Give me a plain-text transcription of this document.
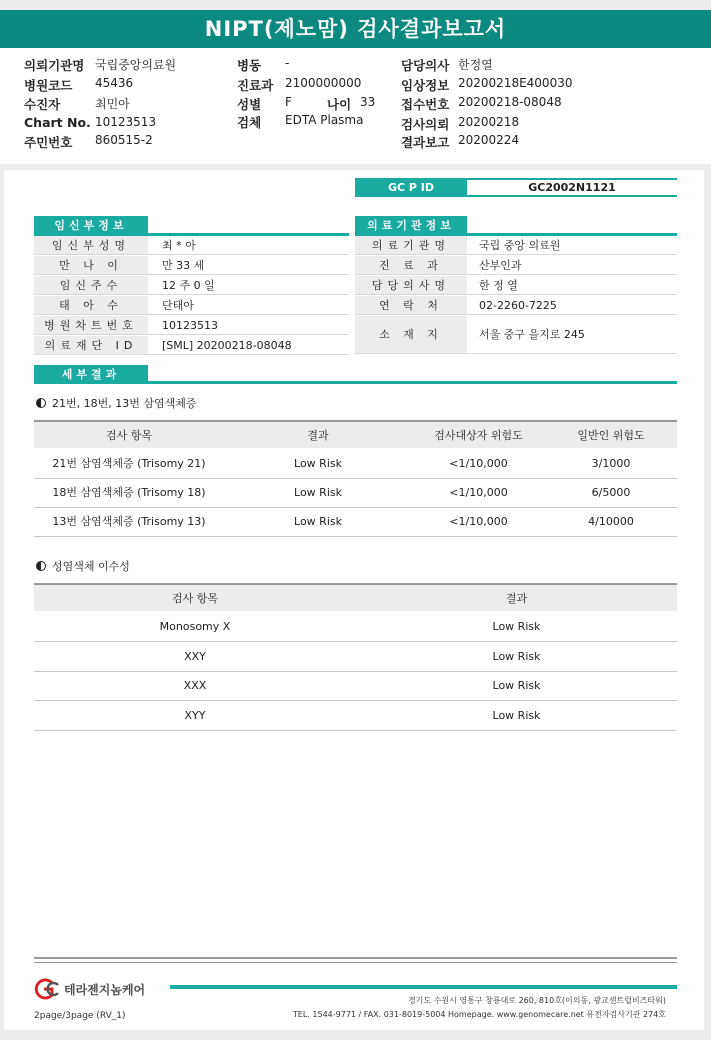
NIPT(제노맘) 검사결과보고서
의뢰기관명 국립중앙의료원
병원코드 45436
수진자	최민아
Chart No. 10123513
주민번호 860515-2
병동 -
진료과 2100000000
성별 F	나이 33
검체 EDTA Plasma
담당의사 한정열
임상정보 20200218E400030
접수번호 20200218-08048
검사의뢰 20200218
결과보고 20200224
GC P ID	GC2002N1121
임신부정보
임신부성명	최 * 아
만 나 이	만 33 세
임신주수	12 주 0 일
태 아 수	단태아
병원차트번호	10123513
의료재단 ID	[SML] 20200218-08048
의료기관정보
의료기관명	국립 중앙 의료원
진 료 과	산부인과
담당의사명	한 정 열
연 락 처	02-2260-7225
소 재 지	서울 중구 을지로 245
세부결과
21번, 18번, 13번 삼염색체증
검사 항목	결과	검사대상자 위험도	일반인 위험도
21번 삼염색체증 (Trisomy 21)	Low Risk	<1/10,000	3/1000
18번 삼염색체증 (Trisomy 18)	Low Risk	<1/10,000	6/5000
13번 삼염색체증 (Trisomy 13)	Low Risk	<1/10,000	4/10000
성염색체 이수성
검사 항목	결과
Monosomy X	Low Risk
XXY	Low Risk
XXX	Low Risk
XYY	Low Risk
테라젠지놈케어
경기도 수원시 영통구 창룡대로 260, 810호(이의동, 광교센트럴비즈타워)
TEL. 1544-9771 / FAX. 031-8019-5004 Homepage. www.genomecare.net 유전자검사기관 274호
2page/3page (RV_1)
